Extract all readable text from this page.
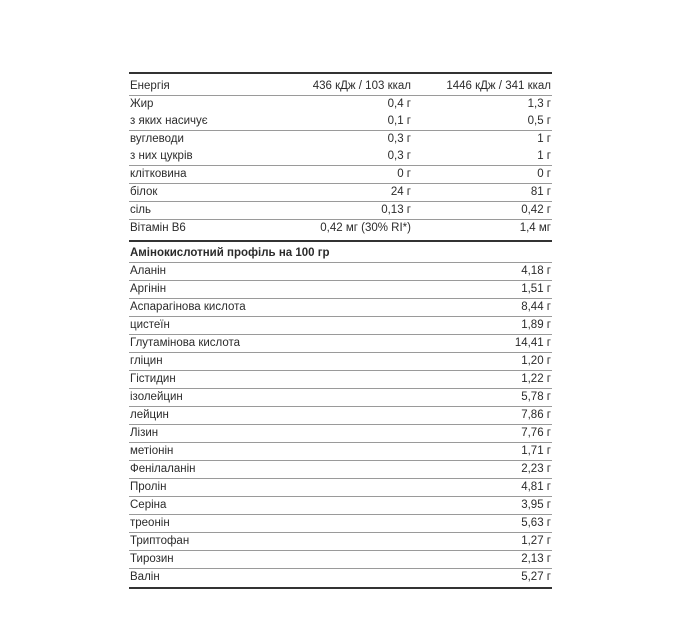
Енергія	436 кДж / 103 ккал	1446 кДж / 341 ккал
Жир	0,4 г	1,3 г
з яких насичує	0,1 г	0,5 г
вуглеводи	0,3 г	1 г
з них цукрів	0,3 г	1 г
клітковина	0 г	0 г
білок	24 г	81 г
сіль	0,13 г	0,42 г
Вітамін В6	0,42 мг (30% RI*)	1,4 мг
Амінокислотний профіль на 100 гр
Аланін	4,18 г
Аргінін	1,51 г
Аспарагінова кислота	8,44 г
цистеїн	1,89 г
Глутамінова кислота	14,41 г
гліцин	1,20 г
Гістидин	1,22 г
ізолейцин	5,78 г
лейцин	7,86 г
Лізин	7,76 г
метіонін	1,71 г
Фенілаланін	2,23 г
Пролін	4,81 г
Серіна	3,95 г
треонін	5,63 г
Триптофан	1,27 г
Тирозин	2,13 г
Валін	5,27 г
